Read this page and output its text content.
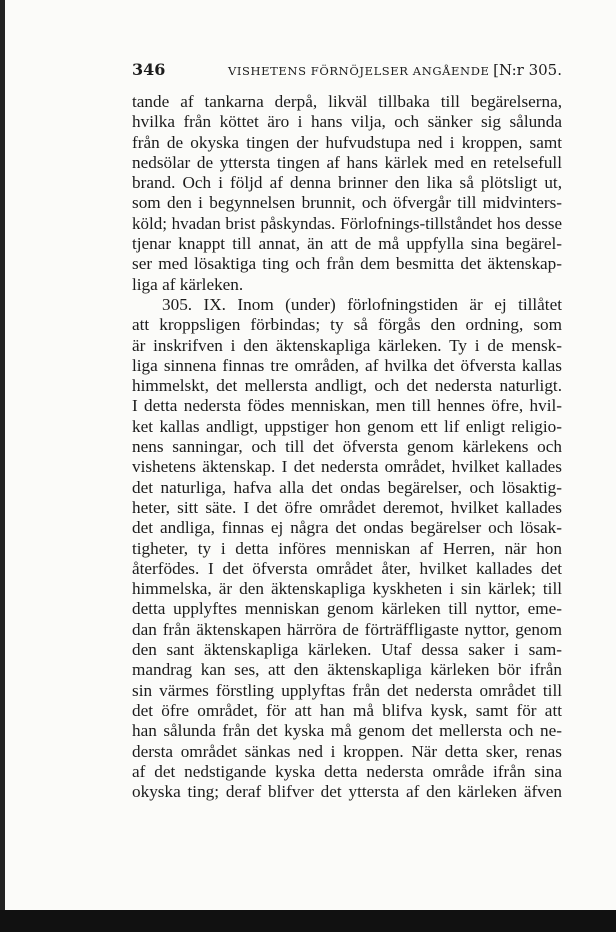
346	VISHETENS FÖRNÖJELSER ANGÅENDE [N:r 305.
tande af tankarna derpå, likväl tillbaka till begärelserna,
hvilka från köttet äro i hans vilja, och sänker sig sålunda
från de okyska tingen der hufvudstupa ned i kroppen, samt
nedsölar de yttersta tingen af hans kärlek med en retelsefull
brand. Och i följd af denna brinner den lika så plötsligt ut,
som den i begynnelsen brunnit, och öfvergår till midvinters-
köld; hvadan brist påskyndas. Förlofnings-tillståndet hos desse
tjenar knappt till annat, än att de må uppfylla sina begärel-
ser med lösaktiga ting och från dem besmitta det äktenskap-
liga af kärleken.
305. IX. Inom (under) förlofningstiden är ej tillåtet
att kroppsligen förbindas; ty så förgås den ordning, som
är inskrifven i den äktenskapliga kärleken. Ty i de mensk-
liga sinnena finnas tre områden, af hvilka det öfversta kallas
himmelskt, det mellersta andligt, och det nedersta naturligt.
I detta nedersta födes menniskan, men till hennes öfre, hvil-
ket kallas andligt, uppstiger hon genom ett lif enligt religio-
nens sanningar, och till det öfversta genom kärlekens och
vishetens äktenskap. I det nedersta området, hvilket kallades
det naturliga, hafva alla det ondas begärelser, och lösaktig-
heter, sitt säte. I det öfre området deremot, hvilket kallades
det andliga, finnas ej några det ondas begärelser och lösak-
tigheter, ty i detta införes menniskan af Herren, när hon
återfödes. I det öfversta området åter, hvilket kallades det
himmelska, är den äktenskapliga kyskheten i sin kärlek; till
detta upplyftes menniskan genom kärleken till nyttor, eme-
dan från äktenskapen härröra de förträffligaste nyttor, genom
den sant äktenskapliga kärleken. Utaf dessa saker i sam-
mandrag kan ses, att den äktenskapliga kärleken bör ifrån
sin värmes förstling upplyftas från det nedersta området till
det öfre området, för att han må blifva kysk, samt för att
han sålunda från det kyska må genom det mellersta och ne-
dersta området sänkas ned i kroppen. När detta sker, renas
af det nedstigande kyska detta nedersta område ifrån sina
okyska ting; deraf blifver det yttersta af den kärleken äfven
